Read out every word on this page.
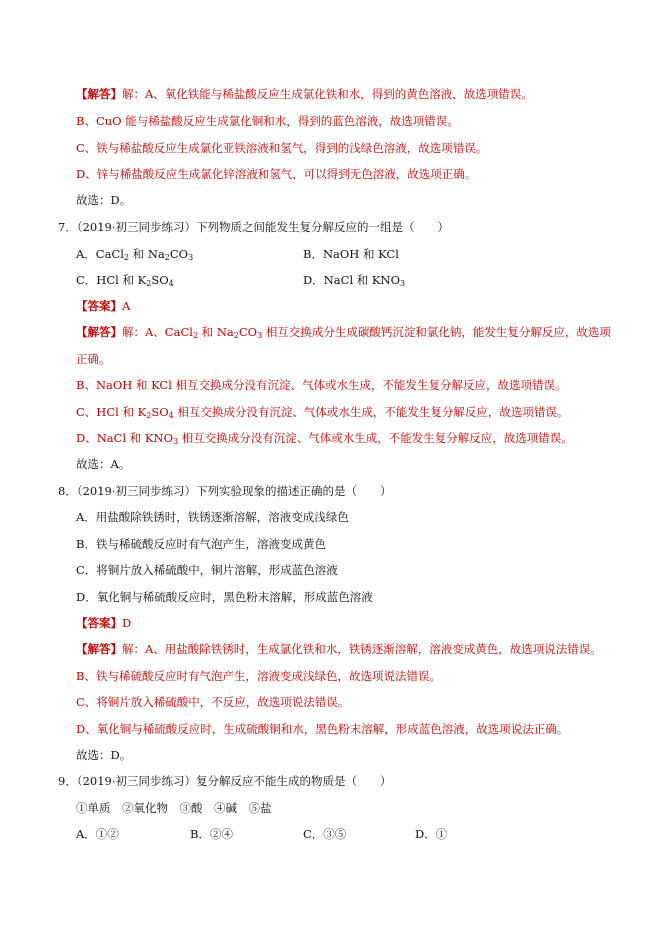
【解答】解：A、氧化铁能与稀盐酸反应生成氯化铁和水，得到的黄色溶液，故选项错误。
B、CuO 能与稀盐酸反应生成氯化铜和水，得到的蓝色溶液，故选项错误。
C、铁与稀盐酸反应生成氯化亚铁溶液和氢气，得到的浅绿色溶液，故选项错误。
D、锌与稀盐酸反应生成氯化锌溶液和氢气，可以得到无色溶液，故选项正确。
故选：D。
7．（2019·初三同步练习）下列物质之间能发生复分解反应的一组是（　　）
A．CaCl$_2$ 和 $Na_2CO_3$	B．NaOH 和 KCl
C．HCl 和 $K_2SO_4$	D．NaCl 和 $KNO_3$
【答案】A
【解答】解：A、CaCl$_2$ 和 $Na_2CO_3$ 相互交换成分生成碳酸钙沉淀和氯化钠，能发生复分解反应，故选项
正确。
B、NaOH 和 KCl 相互交换成分没有沉淀、气体或水生成，不能发生复分解反应，故选项错误。
C、HCl 和 $K_2SO_4$ 相互交换成分没有沉淀、气体或水生成，不能发生复分解反应，故选项错误。
D、NaCl 和 $KNO_3$ 相互交换成分没有沉淀、气体或水生成，不能发生复分解反应，故选项错误。
故选：A。
8．（2019·初三同步练习）下列实验现象的描述正确的是（　　）
A．用盐酸除铁锈时，铁锈逐渐溶解，溶液变成浅绿色
B．铁与稀硫酸反应时有气泡产生，溶液变成黄色
C．将铜片放入稀硫酸中，铜片溶解，形成蓝色溶液
D．氧化铜与稀硫酸反应时，黑色粉末溶解，形成蓝色溶液
【答案】D
【解答】解：A、用盐酸除铁锈时，生成氯化铁和水，铁锈逐渐溶解，溶液变成黄色，故选项说法错误。
B、铁与稀硫酸反应时有气泡产生，溶液变成浅绿色，故选项说法错误。
C、将铜片放入稀硫酸中，不反应，故选项说法错误。
D、氧化铜与稀硫酸反应时，生成硫酸铜和水，黑色粉末溶解，形成蓝色溶液，故选项说法正确。
故选：D。
9．（2019·初三同步练习）复分解反应不能生成的物质是（　　）
①单质　②氧化物　③酸　④碱　⑤盐
A．①②	B．②④	C．③⑤	D．①
